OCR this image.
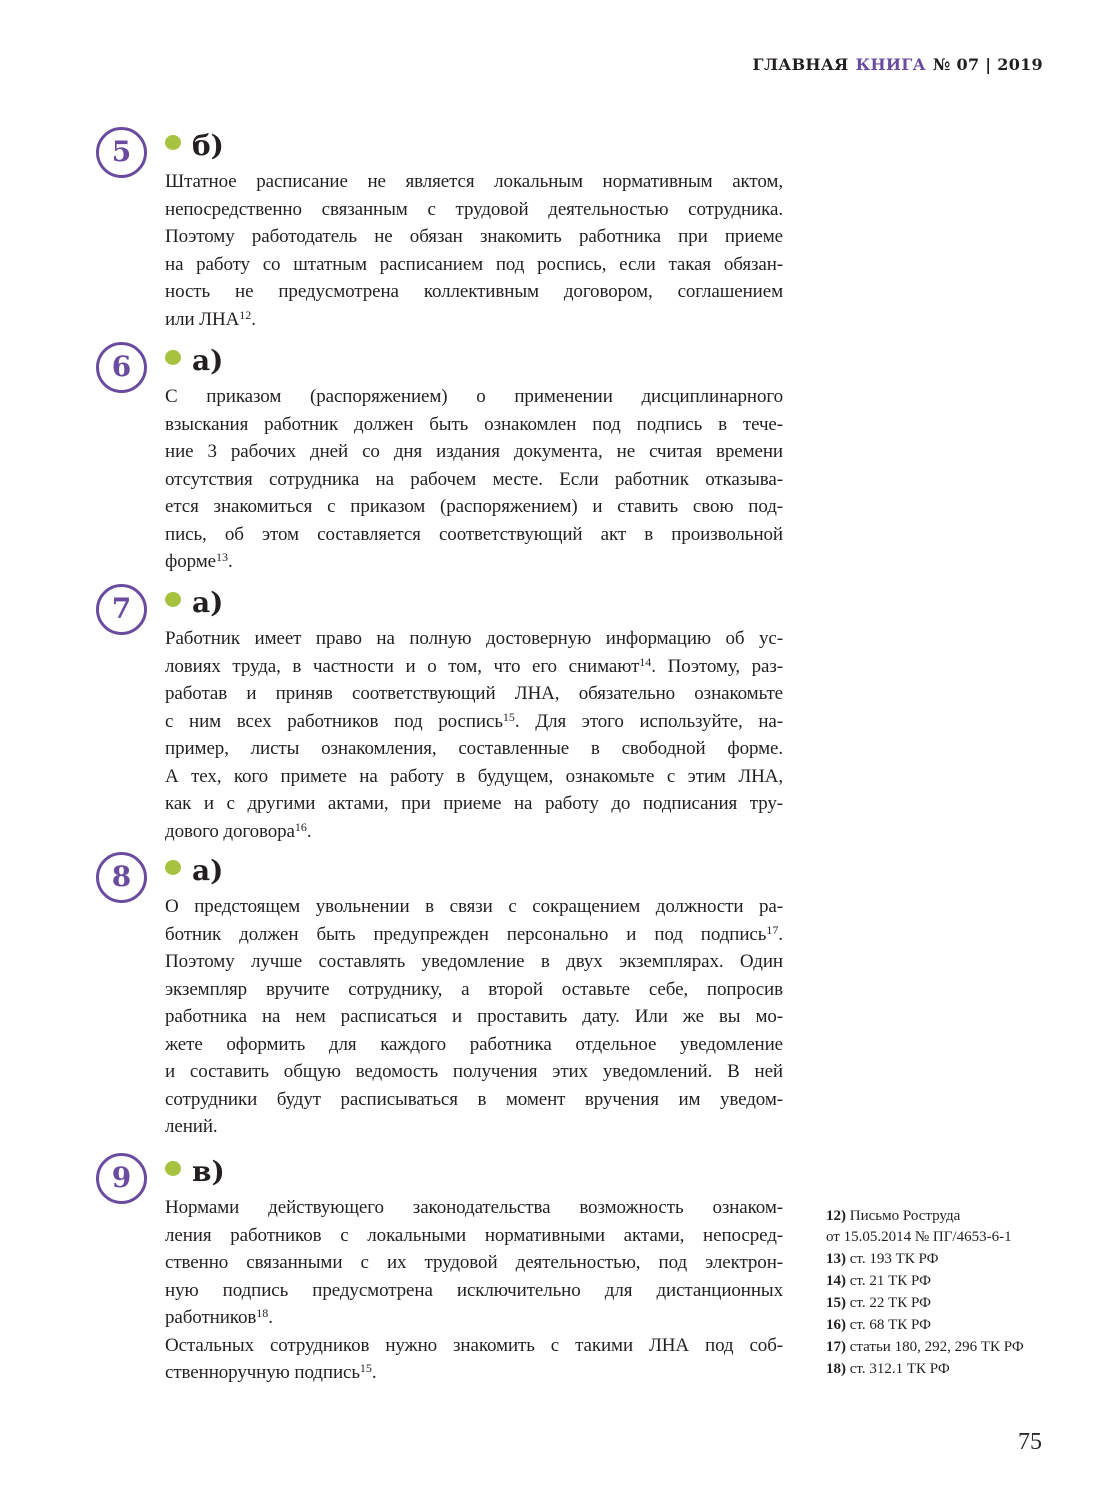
ГЛАВНАЯ КНИГА № 07 | 2019
5	б)
Штатное расписание не является локальным нормативным актом,
непосредственно связанным с трудовой деятельностью сотрудника.
Поэтому работодатель не обязан знакомить работника при приеме
на работу со штатным расписанием под роспись, если такая обязан-
ность не предусмотрена коллективным договором, соглашением
или ЛНА$^{12}$.
6	а)
С приказом (распоряжением) о применении дисциплинарного
взыскания работник должен быть ознакомлен под подпись в тече-
ние 3 рабочих дней со дня издания документа, не считая времени
отсутствия сотрудника на рабочем месте. Если работник отказыва-
ется знакомиться с приказом (распоряжением) и ставить свою под-
пись, об этом составляется соответствующий акт в произвольной
форме$^{13}$.
7	а)
Работник имеет право на полную достоверную информацию об ус-
ловиях труда, в частности и о том, что его снимают$^{14}$. Поэтому, раз-
работав и приняв соответствующий ЛНА, обязательно ознакомьте
с ним всех работников под роспись$^{15}$. Для этого используйте, на-
пример, листы ознакомления, составленные в свободной форме.
А тех, кого примете на работу в будущем, ознакомьте с этим ЛНА,
как и с другими актами, при приеме на работу до подписания тру-
дового договора$^{16}$.
8	а)
О предстоящем увольнении в связи с сокращением должности ра-
ботник должен быть предупрежден персонально и под подпись$^{17}$.
Поэтому лучше составлять уведомление в двух экземплярах. Один
экземпляр вручите сотруднику, а второй оставьте себе, попросив
работника на нем расписаться и проставить дату. Или же вы мо-
жете оформить для каждого работника отдельное уведомление
и составить общую ведомость получения этих уведомлений. В ней
сотрудники будут расписываться в момент вручения им уведом-
лений.
9	в)
Нормами действующего законодательства возможность ознаком-
ления работников с локальными нормативными актами, непосред-
ственно связанными с их трудовой деятельностью, под электрон-
ную подпись предусмотрена исключительно для дистанционных
работников$^{18}$.
Остальных сотрудников нужно знакомить с такими ЛНА под соб-
ственноручную подпись$^{15}$.
12) Письмо Роструда
от 15.05.2014 № ПГ/4653-6-1
13) ст. 193 ТК РФ
14) ст. 21 ТК РФ
15) ст. 22 ТК РФ
16) ст. 68 ТК РФ
17) статьи 180, 292, 296 ТК РФ
18) ст. 312.1 ТК РФ
75
